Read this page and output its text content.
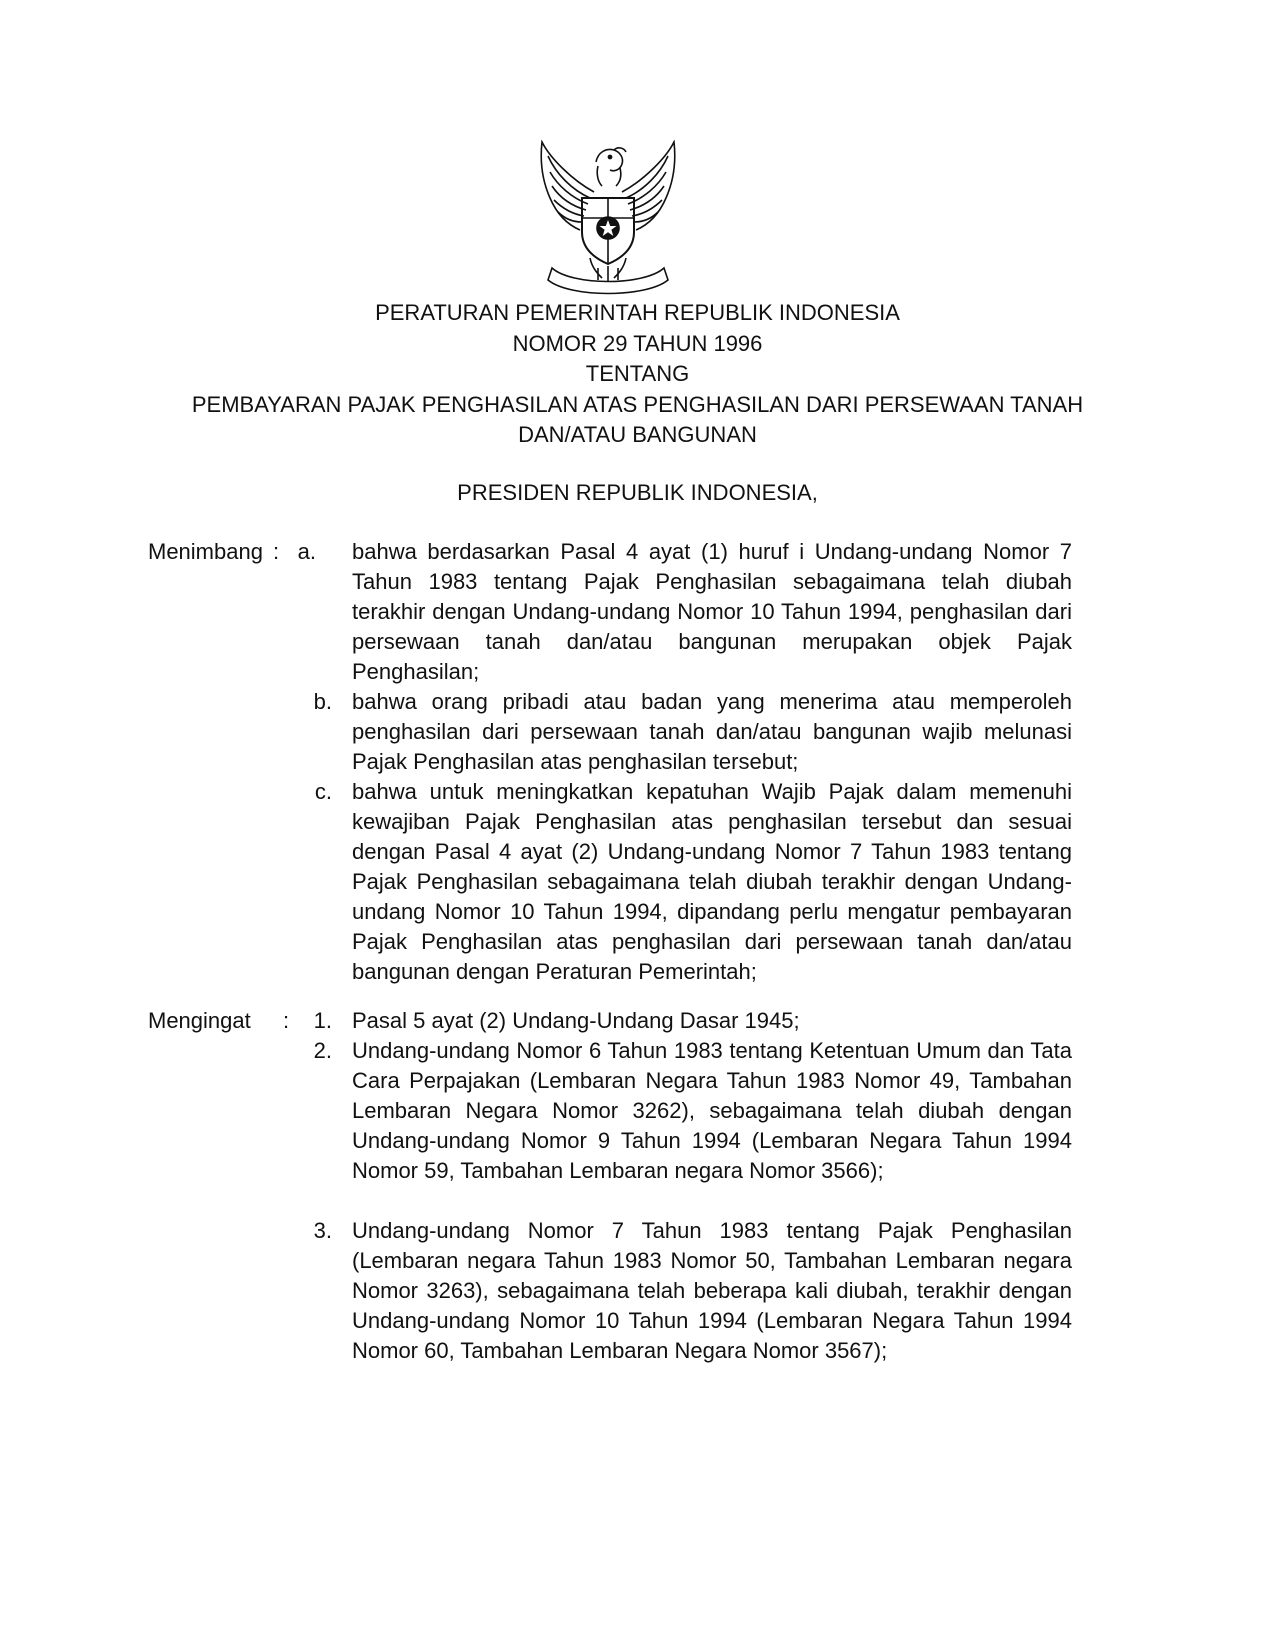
PERATURAN PEMERINTAH REPUBLIK INDONESIA
NOMOR 29 TAHUN 1996
TENTANG
PEMBAYARAN PAJAK PENGHASILAN ATAS PENGHASILAN DARI PERSEWAAN TANAH
DAN/ATAU BANGUNAN
PRESIDEN REPUBLIK INDONESIA,
Menimbang : a. bahwa berdasarkan Pasal 4 ayat (1) huruf i Undang-undang Nomor 7 Tahun 1983 tentang Pajak Penghasilan sebagaimana telah diubah terakhir dengan Undang-undang Nomor 10 Tahun 1994, penghasilan dari persewaan tanah dan/atau bangunan merupakan objek Pajak Penghasilan;
b. bahwa orang pribadi atau badan yang menerima atau memperoleh penghasilan dari persewaan tanah dan/atau bangunan wajib melunasi Pajak Penghasilan atas penghasilan tersebut;
c. bahwa untuk meningkatkan kepatuhan Wajib Pajak dalam memenuhi kewajiban Pajak Penghasilan atas penghasilan tersebut dan sesuai dengan Pasal 4 ayat (2) Undang-undang Nomor 7 Tahun 1983 tentang Pajak Penghasilan sebagaimana telah diubah terakhir dengan Undang-undang Nomor 10 Tahun 1994, dipandang perlu mengatur pembayaran Pajak Penghasilan atas penghasilan dari persewaan tanah dan/atau bangunan dengan Peraturan Pemerintah;
Mengingat :	1. Pasal 5 ayat (2) Undang-Undang Dasar 1945;
2. Undang-undang Nomor 6 Tahun 1983 tentang Ketentuan Umum dan Tata Cara Perpajakan (Lembaran Negara Tahun 1983 Nomor 49, Tambahan Lembaran Negara Nomor 3262), sebagaimana telah diubah dengan Undang-undang Nomor 9 Tahun 1994 (Lembaran Negara Tahun 1994 Nomor 59, Tambahan Lembaran negara Nomor 3566);
3. Undang-undang Nomor 7 Tahun 1983 tentang Pajak Penghasilan (Lembaran negara Tahun 1983 Nomor 50, Tambahan Lembaran negara Nomor 3263), sebagaimana telah beberapa kali diubah, terakhir dengan Undang-undang Nomor 10 Tahun 1994 (Lembaran Negara Tahun 1994 Nomor 60, Tambahan Lembaran Negara Nomor 3567);
